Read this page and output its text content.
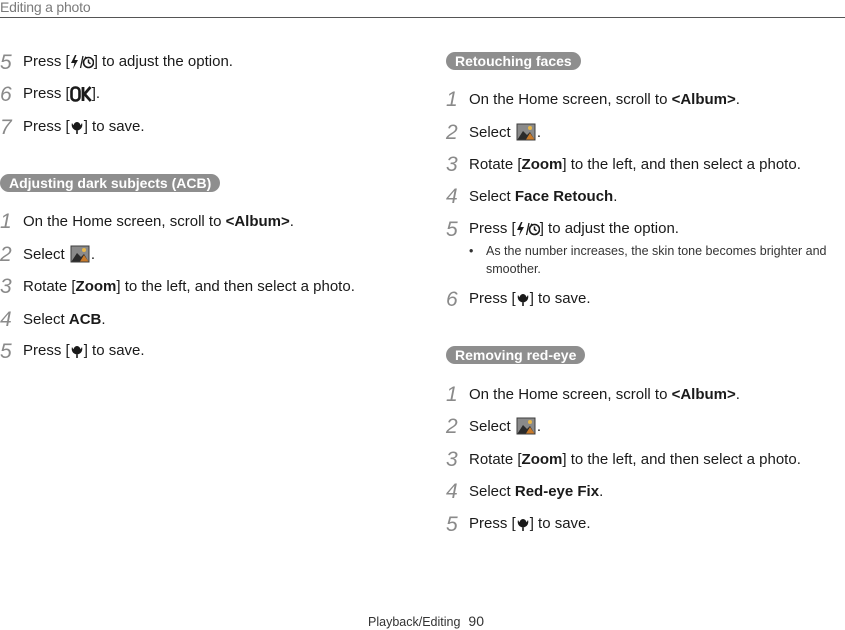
Editing a photo
5 Press [ ] to adjust the option.
6 Press [ ].
7 Press [ ] to save.
Adjusting dark subjects (ACB)
1 On the Home screen, scroll to <Album>.
2 Select
.
3 Rotate [Zoom] to the left, and then select a photo.
4 Select ACB.
5 Press [ ] to save.
Retouching faces
1 On the Home screen, scroll to <Album>.
2 Select
.
3 Rotate [Zoom] to the left, and then select a photo.
4 Select Face Retouch.
5 Press [ ] to adjust the option.
• As the number increases, the skin tone becomes brighter and smoother.
6 Press [ ] to save.
Removing red-eye
1 On the Home screen, scroll to <Album>.
2 Select
.
3 Rotate [Zoom] to the left, and then select a photo.
4 Select Red-eye Fix.
5 Press [ ] to save.
Playback/Editing 90
